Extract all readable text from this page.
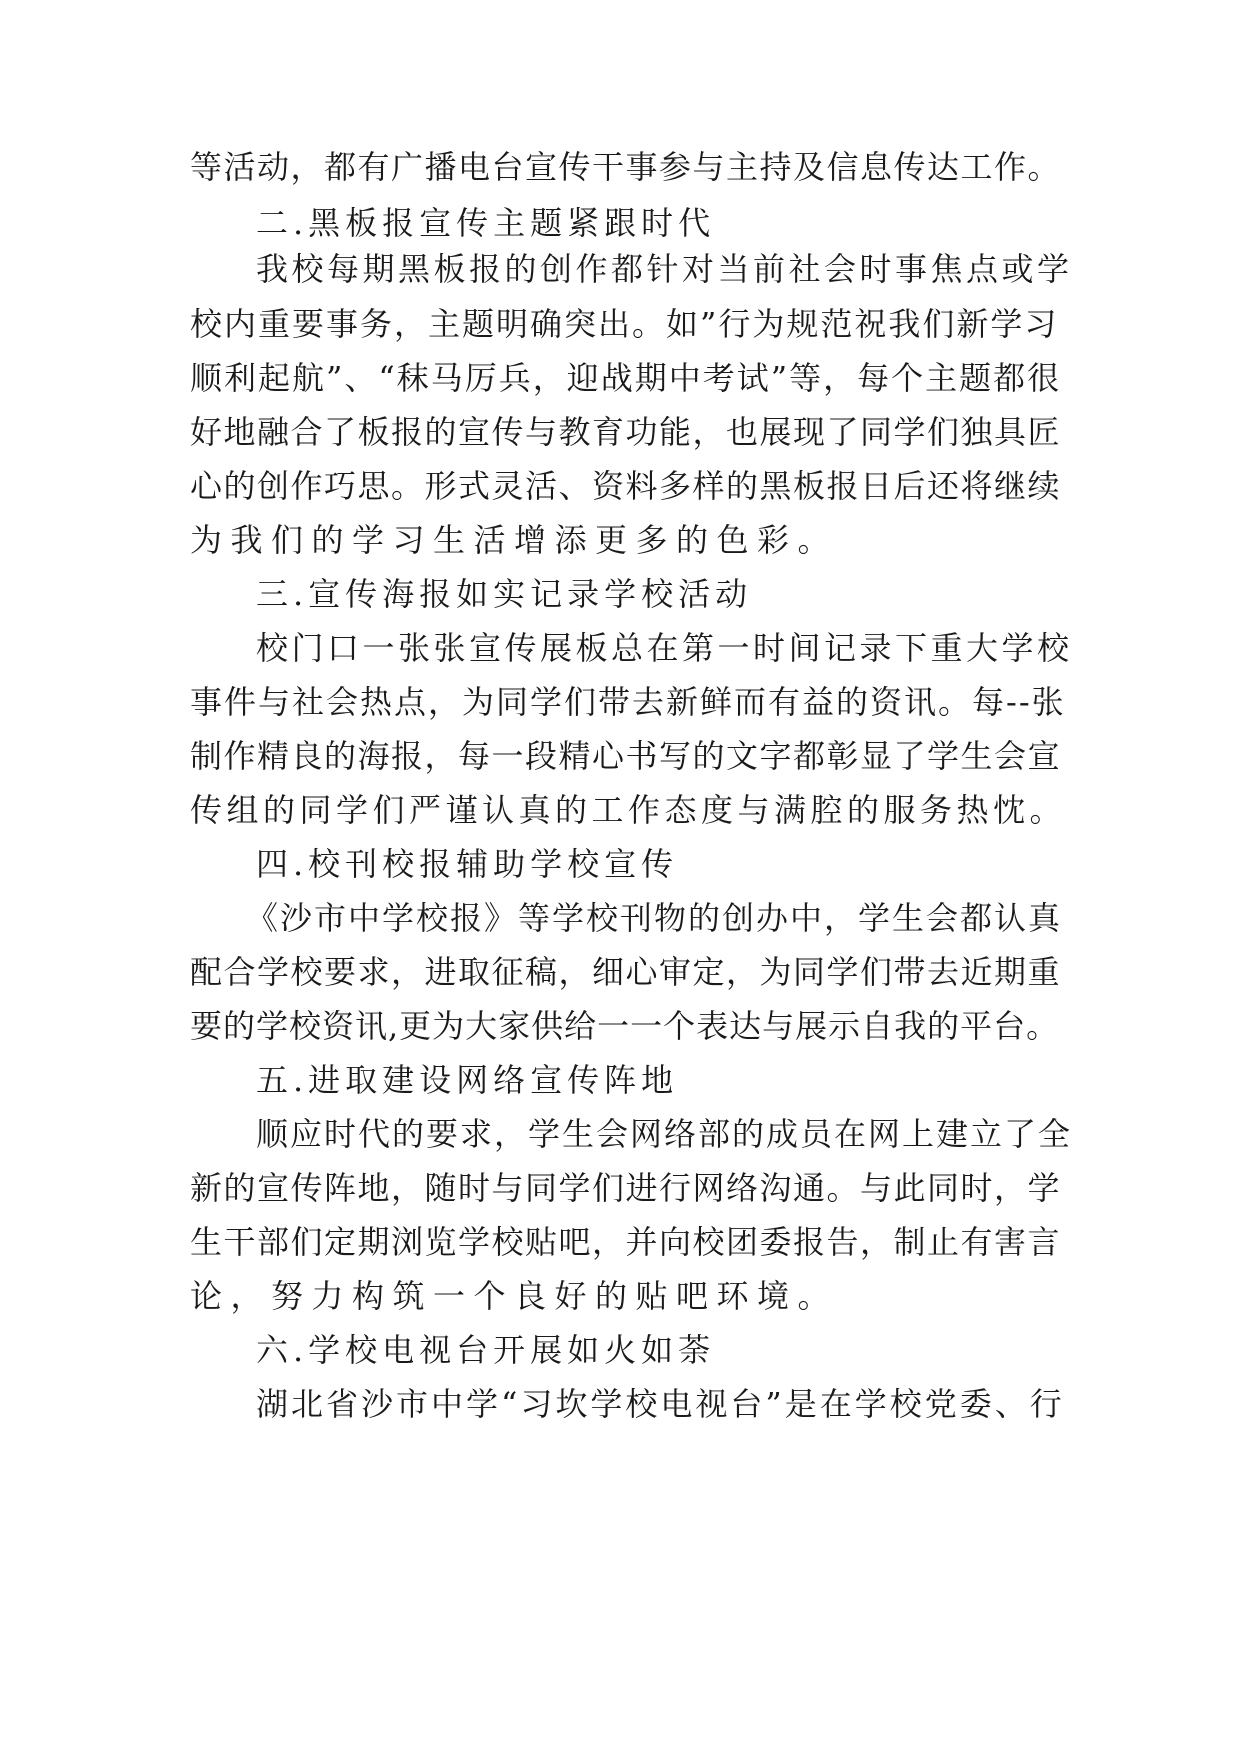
等活动，都有广播电台宣传干事参与主持及信息传达工作。
二.黑板报宣传主题紧跟时代
我校每期黑板报的创作都针对当前社会时事焦点或学
校内重要事务，主题明确突出。如”行为规范祝我们新学习
顺利起航”、“秣马厉兵，迎战期中考试”等，每个主题都很
好地融合了板报的宣传与教育功能，也展现了同学们独具匠
心的创作巧思。形式灵活、资料多样的黑板报日后还将继续
为我们的学习生活增添更多的色彩。
三.宣传海报如实记录学校活动
校门口一张张宣传展板总在第一时间记录下重大学校
事件与社会热点，为同学们带去新鲜而有益的资讯。每--张
制作精良的海报，每一段精心书写的文字都彰显了学生会宣
传组的同学们严谨认真的工作态度与满腔的服务热忱。
四.校刊校报辅助学校宣传
《沙市中学校报》等学校刊物的创办中，学生会都认真
配合学校要求，进取征稿，细心审定，为同学们带去近期重
要的学校资讯,更为大家供给一一个表达与展示自我的平台。
五.进取建设网络宣传阵地
顺应时代的要求，学生会网络部的成员在网上建立了全
新的宣传阵地，随时与同学们进行网络沟通。与此同时，学
生干部们定期浏览学校贴吧，并向校团委报告，制止有害言
论，努力构筑一个良好的贴吧环境。
六.学校电视台开展如火如荼
湖北省沙市中学“习坎学校电视台”是在学校党委、行
